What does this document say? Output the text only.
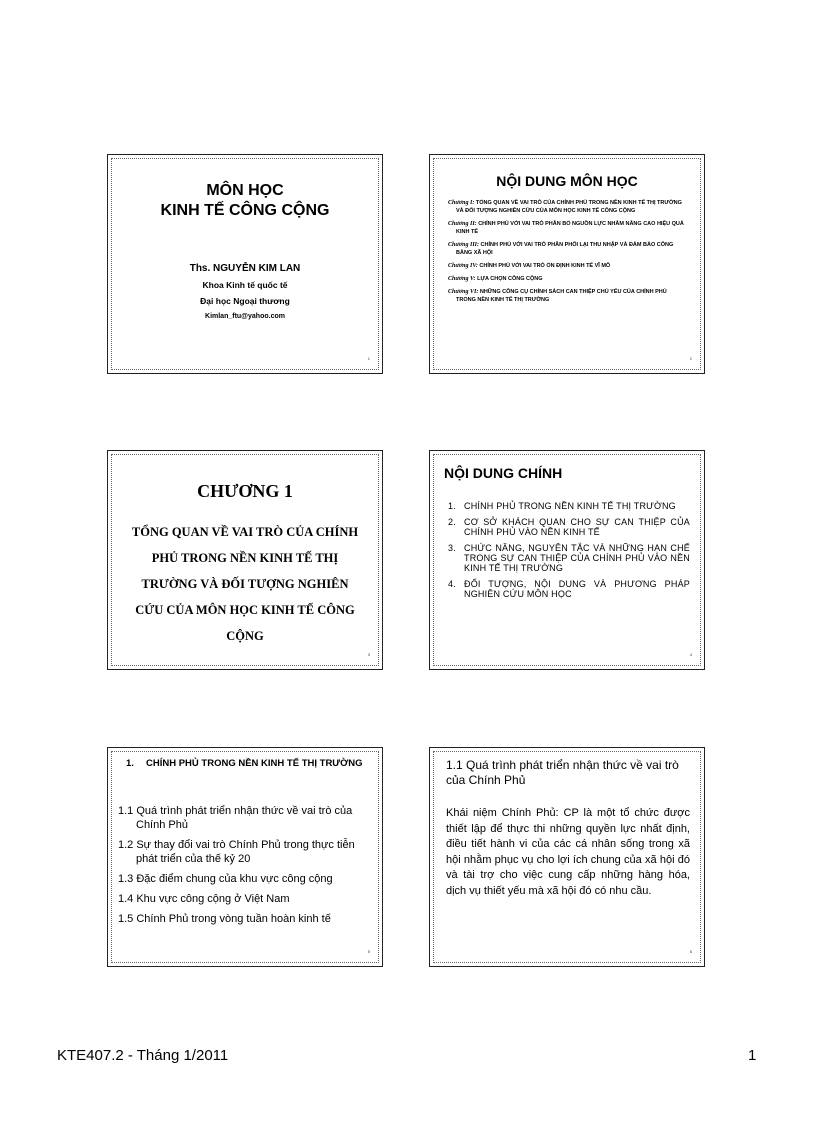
MÔN HỌC
KINH TẾ CÔNG CỘNG
Ths. NGUYỄN KIM LAN
Khoa Kinh tế quốc tế
Đại học Ngoại thương
Kimlan_ftu@yahoo.com
1
NỘI DUNG MÔN HỌC
Chương I: TỔNG QUAN VỀ VAI TRÒ CỦA CHÍNH PHỦ TRONG NỀN KINH TẾ THỊ TRƯỜNG VÀ ĐỐI TƯỢNG NGHIÊN CỨU CỦA MÔN HỌC KINH TẾ CÔNG CỘNG
Chương II: CHÍNH PHỦ VỚI VAI TRÒ PHÂN BỔ NGUỒN LỰC NHẰM NÂNG CAO HIỆU QUẢ KINH TẾ
Chương III: CHÍNH PHỦ VỚI VAI TRÒ PHÂN PHỐI LẠI THU NHẬP VÀ ĐẢM BẢO CÔNG BẰNG XÃ HỘI
Chương IV: CHÍNH PHỦ VỚI VAI TRÒ ỔN ĐỊNH KINH TẾ VĨ MÔ
Chương V: LỰA CHỌN CÔNG CỘNG
Chương VI: NHỮNG CÔNG CỤ CHÍNH SÁCH CAN THIỆP CHỦ YẾU CỦA CHÍNH PHỦ TRONG NỀN KINH TẾ THỊ TRƯỜNG
2
CHƯƠNG 1
TỔNG QUAN VỀ VAI TRÒ CỦA CHÍNH PHỦ TRONG NỀN KINH TẾ THỊ TRƯỜNG VÀ ĐỐI TƯỢNG NGHIÊN CỨU CỦA MÔN HỌC KINH TẾ CÔNG CỘNG
3
NỘI DUNG CHÍNH
1. CHÍNH PHỦ TRONG NỀN KINH TẾ THỊ TRƯỜNG
2. CƠ SỞ KHÁCH QUAN CHO SỰ CAN THIỆP CỦA CHÍNH PHỦ VÀO NỀN KINH TẾ
3. CHỨC NĂNG, NGUYÊN TẮC VÀ NHỮNG HẠN CHẾ TRONG SỰ CAN THIỆP CỦA CHÍNH PHỦ VÀO NỀN KINH TẾ THỊ TRƯỜNG
4. ĐỐI TƯỢNG, NỘI DUNG VÀ PHƯƠNG PHÁP NGHIÊN CỨU MÔN HỌC
4
1.	CHÍNH PHỦ TRONG NỀN KINH TẾ THỊ TRƯỜNG
1.1 Quá trình phát triển nhận thức về vai trò của Chính Phủ
1.2 Sự thay đổi vai trò Chính Phủ trong thực tiễn phát triển của thế kỷ 20
1.3 Đặc điểm chung của khu vực công cộng
1.4 Khu vực công cộng ở Việt Nam
1.5 Chính Phủ trong vòng tuần hoàn kinh tế
5
1.1 Quá trình phát triển nhận thức về vai trò của Chính Phủ
Khái niệm Chính Phủ: CP là một tổ chức được thiết lập để thực thi những quyền lực nhất định, điều tiết hành vi của các cá nhân sống trong xã hội nhằm phục vụ cho lợi ích chung của xã hội đó và tài trợ cho việc cung cấp những hàng hóa, dịch vụ thiết yếu mà xã hội đó có nhu cầu.
6
KTE407.2 - Tháng 1/2011	1
